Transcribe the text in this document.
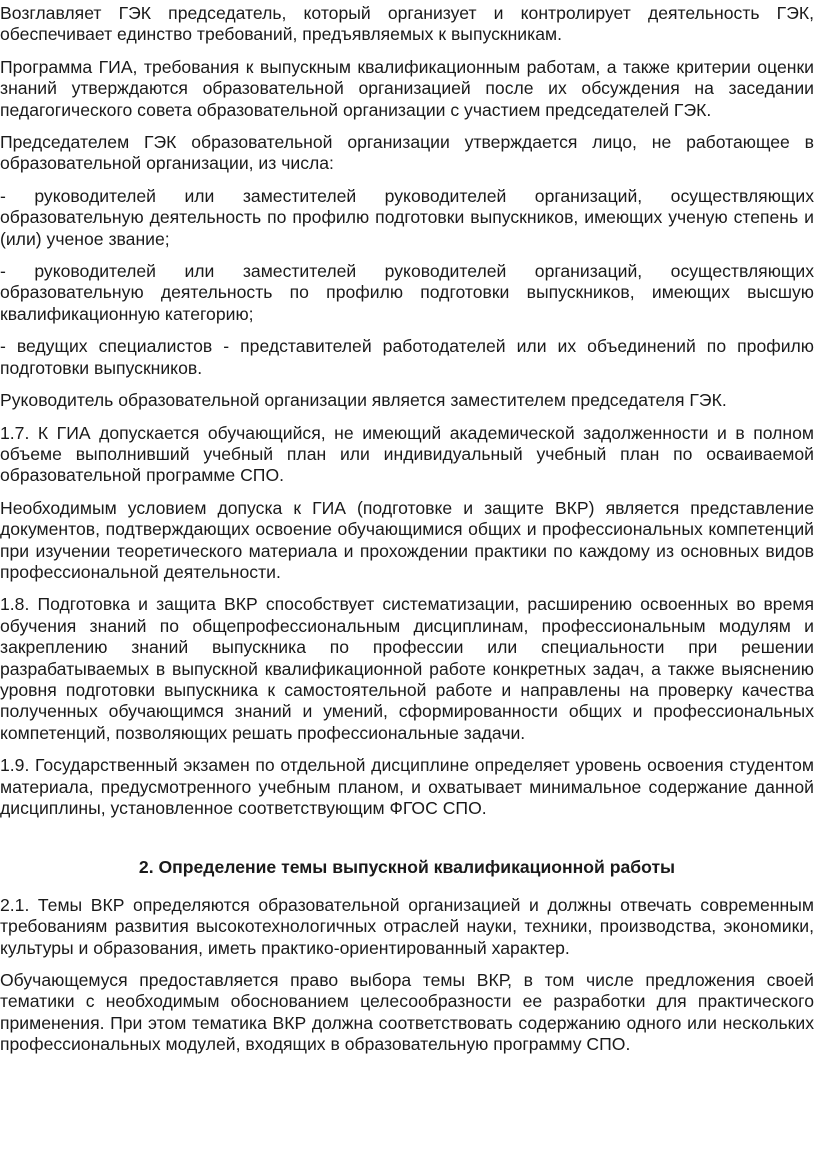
Возглавляет ГЭК председатель, который организует и контролирует деятельность ГЭК, обеспечивает единство требований, предъявляемых к выпускникам.

Программа ГИА, требования к выпускным квалификационным работам, а также критерии оценки знаний утверждаются образовательной организацией после их обсуждения на заседании педагогического совета образовательной организации с участием председателей ГЭК.

Председателем ГЭК образовательной организации утверждается лицо, не работающее в образовательной организации, из числа:

- руководителей или заместителей руководителей организаций, осуществляющих образовательную деятельность по профилю подготовки выпускников, имеющих ученую степень и (или) ученое звание;

- руководителей или заместителей руководителей организаций, осуществляющих образовательную деятельность по профилю подготовки выпускников, имеющих высшую квалификационную категорию;

- ведущих специалистов - представителей работодателей или их объединений по профилю подготовки выпускников.

Руководитель образовательной организации является заместителем председателя ГЭК.

1.7. К ГИА допускается обучающийся, не имеющий академической задолженности и в полном объеме выполнивший учебный план или индивидуальный учебный план по осваиваемой образовательной программе СПО.

Необходимым условием допуска к ГИА (подготовке и защите ВКР) является представление документов, подтверждающих освоение обучающимися общих и профессиональных компетенций при изучении теоретического материала и прохождении практики по каждому из основных видов профессиональной деятельности.

1.8. Подготовка и защита ВКР способствует систематизации, расширению освоенных во время обучения знаний по общепрофессиональным дисциплинам, профессиональным модулям и закреплению знаний выпускника по профессии или специальности при решении разрабатываемых в выпускной квалификационной работе конкретных задач, а также выяснению уровня подготовки выпускника к самостоятельной работе и направлены на проверку качества полученных обучающимся знаний и умений, сформированности общих и профессиональных компетенций, позволяющих решать профессиональные задачи.

1.9. Государственный экзамен по отдельной дисциплине определяет уровень освоения студентом материала, предусмотренного учебным планом, и охватывает минимальное содержание данной дисциплины, установленное соответствующим ФГОС СПО.

2. Определение темы выпускной квалификационной работы

2.1. Темы ВКР определяются образовательной организацией и должны отвечать современным требованиям развития высокотехнологичных отраслей науки, техники, производства, экономики, культуры и образования, иметь практико-ориентированный характер.

Обучающемуся предоставляется право выбора темы ВКР, в том числе предложения своей тематики с необходимым обоснованием целесообразности ее разработки для практического применения. При этом тематика ВКР должна соответствовать содержанию одного или нескольких профессиональных модулей, входящих в образовательную программу СПО.
